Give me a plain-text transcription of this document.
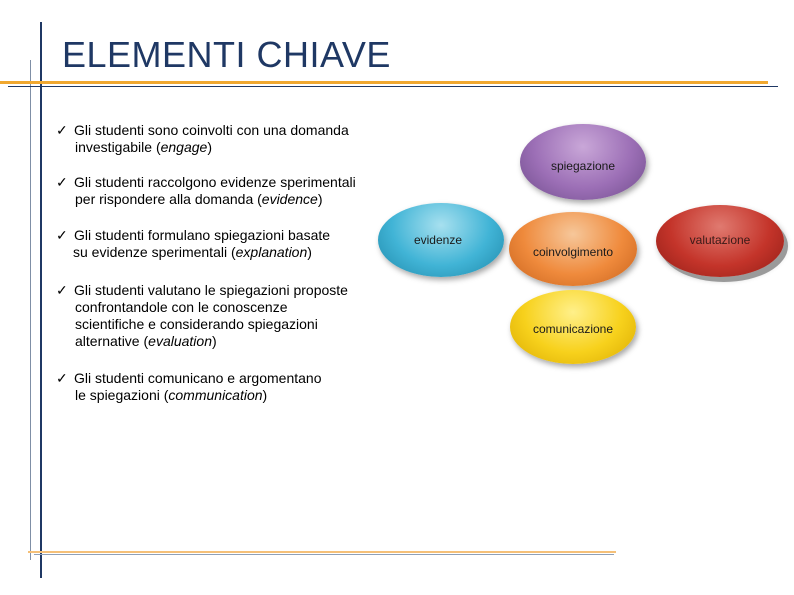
ELEMENTI CHIAVE
✓ Gli studenti sono coinvolti con una domanda
investigabile (engage)
✓ Gli studenti raccolgono evidenze sperimentali
per rispondere alla domanda (evidence)
✓ Gli studenti formulano spiegazioni basate
su evidenze sperimentali (explanation)
✓ Gli studenti valutano le spiegazioni proposte
confrontandole con le conoscenze
scientifiche e considerando spiegazioni
alternative (evaluation)
✓ Gli studenti comunicano e argomentano
le spiegazioni (communication)
spiegazione
evidenze
coinvolgimento
comunicazione
valutazione
